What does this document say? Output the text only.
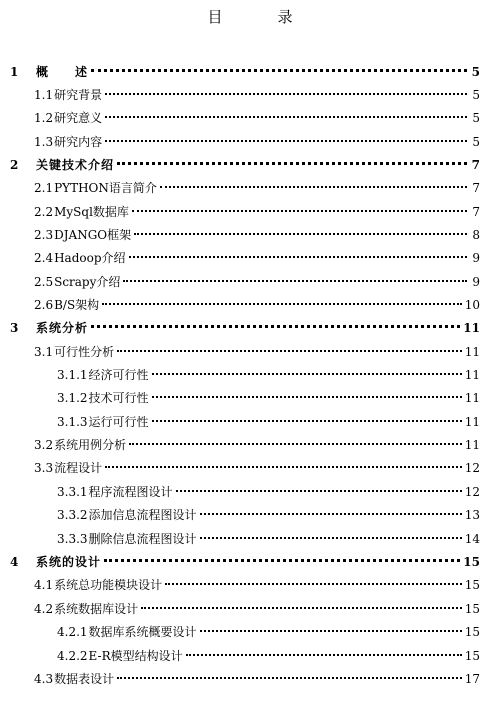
目　录
1	概　　述	5
1.1 研究背景	5
1.2 研究意义	5
1.3 研究内容	5
2	关键技术介绍	7
2.1 PYTHON语言简介	7
2.2 MySql数据库	7
2.3 DJANGO框架	8
2.4 Hadoop介绍	9
2.5 Scrapy介绍	9
2.6 B/S架构	10
3	系统分析	11
3.1 可行性分析	11
3.1.1 经济可行性	11
3.1.2 技术可行性	11
3.1.3 运行可行性	11
3.2 系统用例分析	11
3.3 流程设计	12
3.3.1 程序流程图设计	12
3.3.2 添加信息流程图设计	13
3.3.3 删除信息流程图设计	14
4	系统的设计	15
4.1 系统总功能模块设计	15
4.2 系统数据库设计	15
4.2.1 数据库系统概要设计	15
4.2.2 E-R模型结构设计	15
4.3 数据表设计	17
